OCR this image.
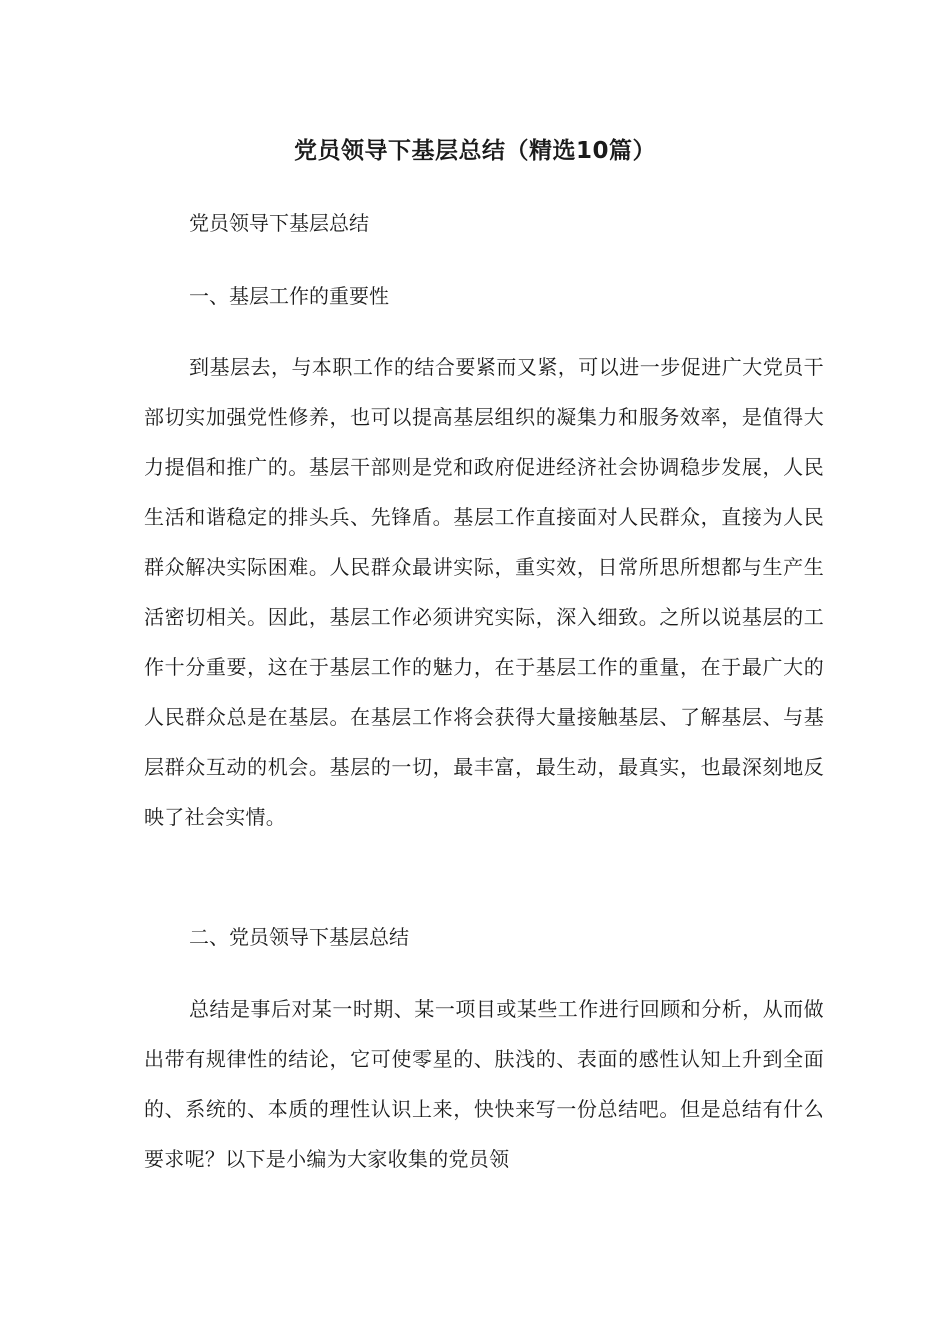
党员领导下基层总结（精选10篇）
党员领导下基层总结
一、基层工作的重要性

到基层去，与本职工作的结合要紧而又紧，可以进一步促进广大党员干部切实加强党性修养，也可以提高基层组织的凝集力和服务效率，是值得大力提倡和推广的。基层干部则是党和政府促进经济社会协调稳步发展，人民生活和谐稳定的排头兵、先锋盾。基层工作直接面对人民群众，直接为人民群众解决实际困难。人民群众最讲实际，重实效，日常所思所想都与生产生活密切相关。因此，基层工作必须讲究实际，深入细致。之所以说基层的工作十分重要，这在于基层工作的魅力，在于基层工作的重量，在于最广大的人民群众总是在基层。在基层工作将会获得大量接触基层、了解基层、与基层群众互动的机会。基层的一切，最丰富，最生动，最真实，也最深刻地反映了社会实情。

二、党员领导下基层总结

总结是事后对某一时期、某一项目或某些工作进行回顾和分析，从而做出带有规律性的结论，它可使零星的、肤浅的、表面的感性认知上升到全面的、系统的、本质的理性认识上来，快快来写一份总结吧。但是总结有什么要求呢？以下是小编为大家收集的党员领
